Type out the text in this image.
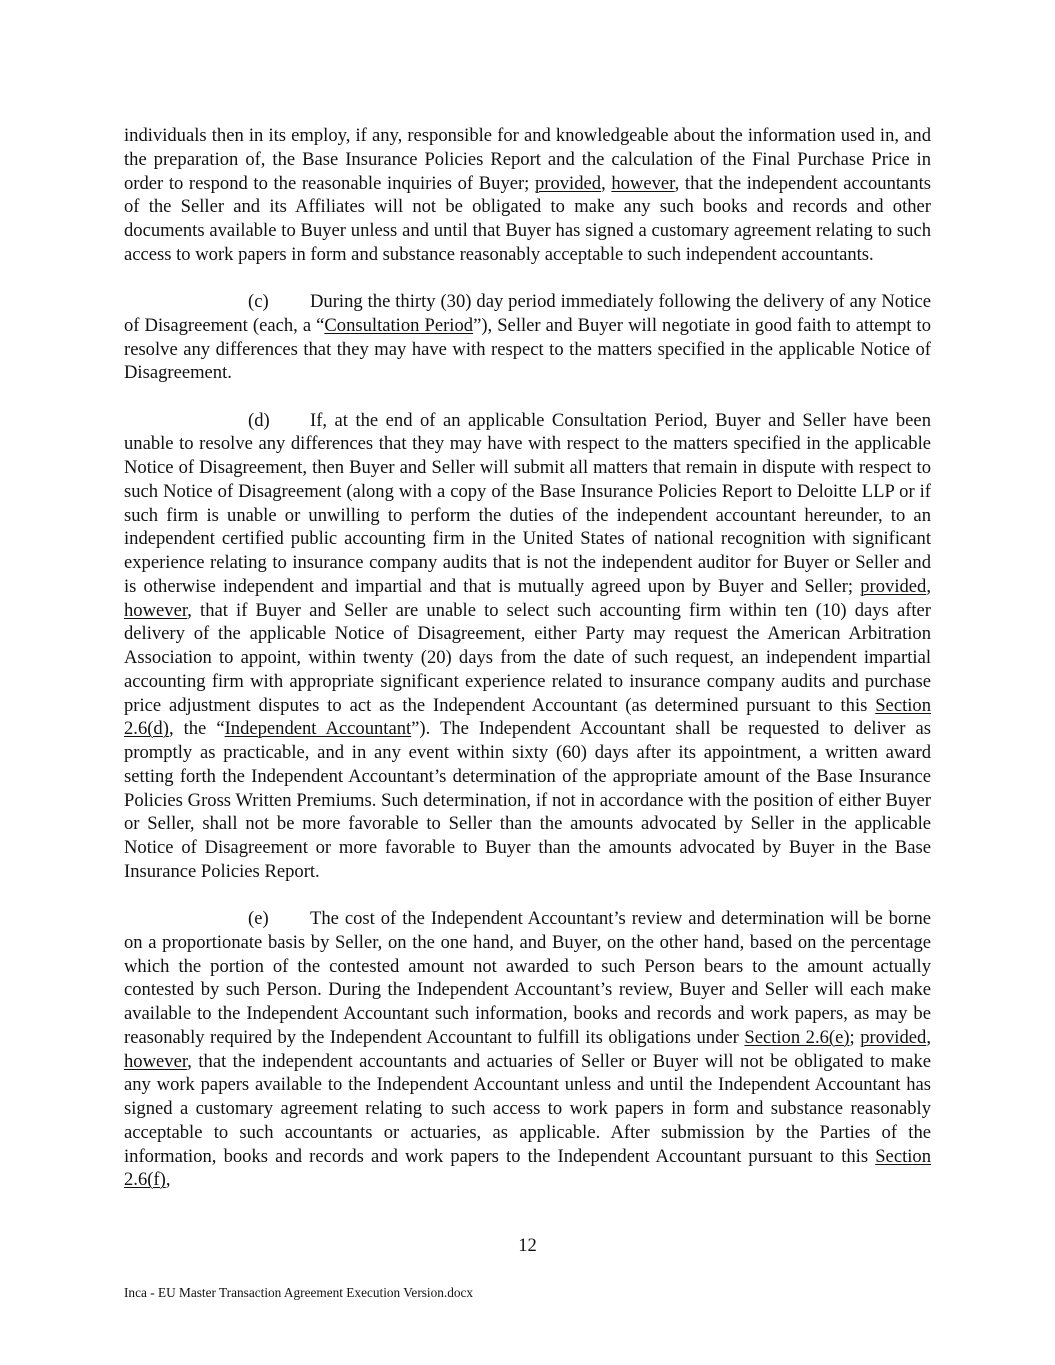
individuals then in its employ, if any, responsible for and knowledgeable about the information used in, and the preparation of, the Base Insurance Policies Report and the calculation of the Final Purchase Price in order to respond to the reasonable inquiries of Buyer; provided, however, that the independent accountants of the Seller and its Affiliates will not be obligated to make any such books and records and other documents available to Buyer unless and until that Buyer has signed a customary agreement relating to such access to work papers in form and substance reasonably acceptable to such independent accountants.

(c) During the thirty (30) day period immediately following the delivery of any Notice of Disagreement (each, a “Consultation Period”), Seller and Buyer will negotiate in good faith to attempt to resolve any differences that they may have with respect to the matters specified in the applicable Notice of Disagreement.

(d) If, at the end of an applicable Consultation Period, Buyer and Seller have been unable to resolve any differences that they may have with respect to the matters specified in the applicable Notice of Disagreement, then Buyer and Seller will submit all matters that remain in dispute with respect to such Notice of Disagreement (along with a copy of the Base Insurance Policies Report to Deloitte LLP or if such firm is unable or unwilling to perform the duties of the independent accountant hereunder, to an independent certified public accounting firm in the United States of national recognition with significant experience relating to insurance company audits that is not the independent auditor for Buyer or Seller and is otherwise independent and impartial and that is mutually agreed upon by Buyer and Seller; provided, however, that if Buyer and Seller are unable to select such accounting firm within ten (10) days after delivery of the applicable Notice of Disagreement, either Party may request the American Arbitration Association to appoint, within twenty (20) days from the date of such request, an independent impartial accounting firm with appropriate significant experience related to insurance company audits and purchase price adjustment disputes to act as the Independent Accountant (as determined pursuant to this Section 2.6(d), the “Independent Accountant”). The Independent Accountant shall be requested to deliver as promptly as practicable, and in any event within sixty (60) days after its appointment, a written award setting forth the Independent Accountant’s determination of the appropriate amount of the Base Insurance Policies Gross Written Premiums. Such determination, if not in accordance with the position of either Buyer or Seller, shall not be more favorable to Seller than the amounts advocated by Seller in the applicable Notice of Disagreement or more favorable to Buyer than the amounts advocated by Buyer in the Base Insurance Policies Report.

(e) The cost of the Independent Accountant’s review and determination will be borne on a proportionate basis by Seller, on the one hand, and Buyer, on the other hand, based on the percentage which the portion of the contested amount not awarded to such Person bears to the amount actually contested by such Person. During the Independent Accountant’s review, Buyer and Seller will each make available to the Independent Accountant such information, books and records and work papers, as may be reasonably required by the Independent Accountant to fulfill its obligations under Section 2.6(e); provided, however, that the independent accountants and actuaries of Seller or Buyer will not be obligated to make any work papers available to the Independent Accountant unless and until the Independent Accountant has signed a customary agreement relating to such access to work papers in form and substance reasonably acceptable to such accountants or actuaries, as applicable. After submission by the Parties of the information, books and records and work papers to the Independent Accountant pursuant to this Section 2.6(f),

12
Inca - EU Master Transaction Agreement Execution Version.docx
